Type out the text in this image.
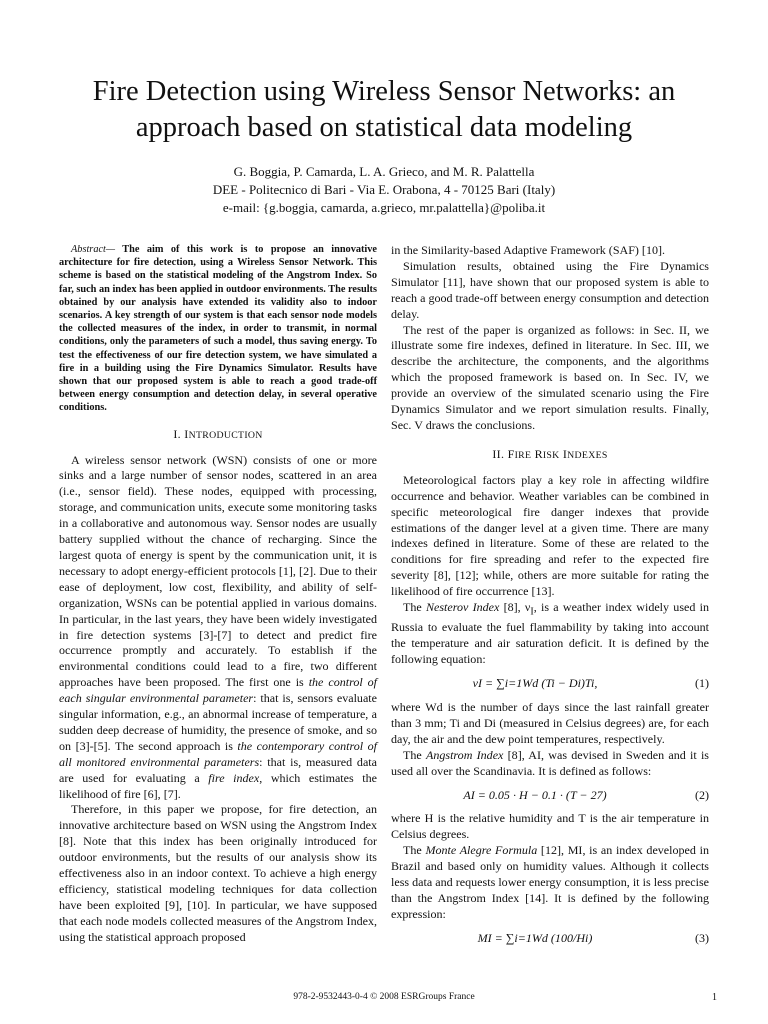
Fire Detection using Wireless Sensor Networks: an
approach based on statistical data modeling
G. Boggia, P. Camarda, L. A. Grieco, and M. R. Palattella
DEE - Politecnico di Bari - Via E. Orabona, 4 - 70125 Bari (Italy)
e-mail: {g.boggia, camarda, a.grieco, mr.palattella}@poliba.it

Abstract— The aim of this work is to propose an innovative architecture for fire detection, using a Wireless Sensor Network. This scheme is based on the statistical modeling of the Angstrom Index. So far, such an index has been applied in outdoor environments. The results obtained by our analysis have extended its validity also to indoor scenarios. A key strength of our system is that each sensor node models the collected measures of the index, in order to transmit, in normal conditions, only the parameters of such a model, thus saving energy. To test the effectiveness of our fire detection system, we have simulated a fire in a building using the Fire Dynamics Simulator. Results have shown that our proposed system is able to reach a good trade-off between energy consumption and detection delay, in several operative conditions.

I. INTRODUCTION

A wireless sensor network (WSN) consists of one or more sinks and a large number of sensor nodes, scattered in an area (i.e., sensor field). These nodes, equipped with processing, storage, and communication units, execute some monitoring tasks in a collaborative and autonomous way. Sensor nodes are usually battery supplied without the chance of recharging. Since the largest quota of energy is spent by the communication unit, it is necessary to adopt energy-efficient protocols [1], [2]. Due to their ease of deployment, low cost, flexibility, and ability of self-organization, WSNs can be potential applied in various domains. In particular, in the last years, they have been widely investigated in fire detection systems [3]-[7] to detect and predict fire occurrence promptly and accurately. To establish if the environmental conditions could lead to a fire, two different approaches have been proposed. The first one is the control of each singular environmental parameter: that is, sensors evaluate singular information, e.g., an abnormal increase of temperature, a sudden deep decrease of humidity, the presence of smoke, and so on [3]-[5]. The second approach is the contemporary control of all monitored environmental parameters: that is, measured data are used for evaluating a fire index, which estimates the likelihood of fire [6], [7].

Therefore, in this paper we propose, for fire detection, an innovative architecture based on WSN using the Angstrom Index [8]. Note that this index has been originally introduced for outdoor environments, but the results of our analysis show its effectiveness also in an indoor context. To achieve a high energy efficiency, statistical modeling techniques for data collection have been exploited [9], [10]. In particular, we have supposed that each node models collected measures of the Angstrom Index, using the statistical approach proposed

in the Similarity-based Adaptive Framework (SAF) [10].

Simulation results, obtained using the Fire Dynamics Simulator [11], have shown that our proposed system is able to reach a good trade-off between energy consumption and detection delay.

The rest of the paper is organized as follows: in Sec. II, we illustrate some fire indexes, defined in literature. In Sec. III, we describe the architecture, the components, and the algorithms which the proposed framework is based on. In Sec. IV, we provide an overview of the simulated scenario using the Fire Dynamics Simulator and we report simulation results. Finally, Sec. V draws the conclusions.

II. FIRE RISK INDEXES

Meteorological factors play a key role in affecting wildfire occurrence and behavior. Weather variables can be combined in specific meteorological fire danger indexes that provide estimations of the danger level at a given time. There are many indexes defined in literature. Some of these are related to the conditions for fire spreading and refer to the expected fire severity [8], [12]; while, others are more suitable for rating the likelihood of fire occurrence [13].

The Nesterov Index [8], $\nu_I$, is a weather index widely used in Russia to evaluate the fuel flammability by taking into account the temperature and air saturation deficit. It is defined by the following equation:

νI = ∑i=1Wd (Ti − Di)Ti,	(1)

where Wd is the number of days since the last rainfall greater than 3 mm; Ti and Di (measured in Celsius degrees) are, for each day, the air and the dew point temperatures, respectively.

The Angstrom Index [8], AI, was devised in Sweden and it is used all over the Scandinavia. It is defined as follows:

AI = 0.05 · H − 0.1 · (T − 27)	(2)

where H is the relative humidity and T is the air temperature in Celsius degrees.

The Monte Alegre Formula [12], MI, is an index developed in Brazil and based only on humidity values. Although it collects less data and requests lower energy consumption, it is less precise than the Angstrom Index [14]. It is defined by the following expression:

MI = ∑i=1Wd (100/Hi)	(3)
978-2-9532443-0-4 © 2008 ESRGroups France	1
